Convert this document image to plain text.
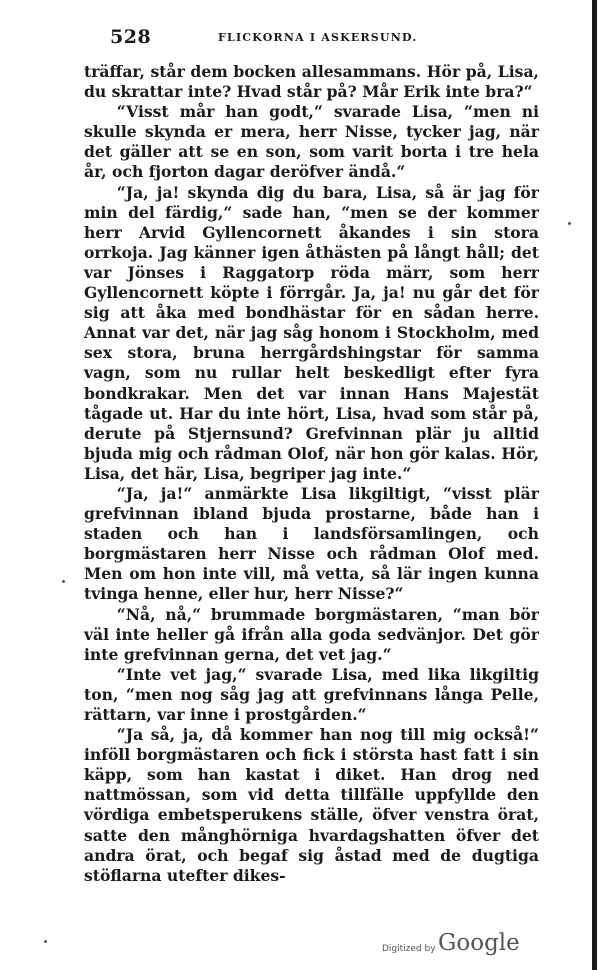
528	FLICKORNA I ASKERSUND.

träffar, står dem bocken allesammans. Hör på, Lisa, du skrattar inte? Hvad står på? Mår Erik inte bra?“

“Visst mår han godt,“ svarade Lisa, “men ni skulle skynda er mera, herr Nisse, tycker jag, när det gäller att se en son, som varit borta i tre hela år, och fjorton dagar deröfver ändå.“

“Ja, ja! skynda dig du bara, Lisa, så är jag för min del färdig,“ sade han, “men se der kommer herr Arvid Gyllencornett åkandes i sin stora orrkoja. Jag känner igen åthästen på långt håll; det var Jönses i Raggatorp röda märr, som herr Gyllencornett köpte i förrgår. Ja, ja! nu går det för sig att åka med bondhästar för en sådan herre. Annat var det, när jag såg honom i Stockholm, med sex stora, bruna herrgårdshingstar för samma vagn, som nu rullar helt beskedligt efter fyra bondkrakar. Men det var innan Hans Majestät tågade ut. Har du inte hört, Lisa, hvad som står på, derute på Stjernsund? Grefvinnan plär ju alltid bjuda mig och rådman Olof, när hon gör kalas. Hör, Lisa, det här, Lisa, begriper jag inte.“

“Ja, ja!“ anmärkte Lisa likgiltigt, “visst plär grefvinnan ibland bjuda prostarne, både han i staden och han i landsförsamlingen, och borgmästaren herr Nisse och rådman Olof med. Men om hon inte vill, må vetta, så lär ingen kunna tvinga henne, eller hur, herr Nisse?“

“Nå, nå,“ brummade borgmästaren, “man bör väl inte heller gå ifrån alla goda sedvänjor. Det gör inte grefvinnan gerna, det vet jag.“

“Inte vet jag,“ svarade Lisa, med lika likgiltig ton, “men nog såg jag att grefvinnans långa Pelle, rättarn, var inne i prostgården.“

“Ja så, ja, då kommer han nog till mig också!“ inföll borgmästaren och fick i största hast fatt i sin käpp, som han kastat i diket. Han drog ned nattmössan, som vid detta tillfälle uppfyllde den vördiga embetsperukens ställe, öfver venstra örat, satte den månghörniga hvardagshatten öfver det andra örat, och begaf sig åstad med de dugtiga stöflarna utefter dikes-

Digitized by Google
